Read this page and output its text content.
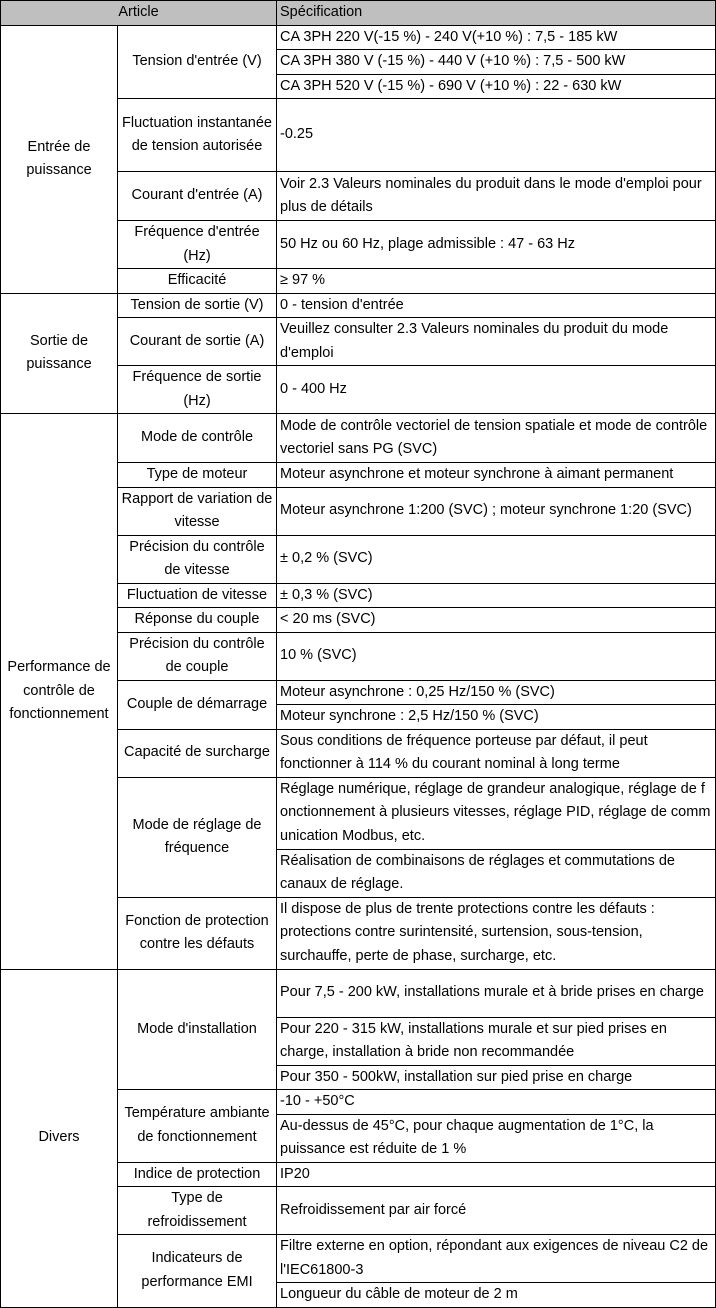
Article		Spécification
Entrée de puissance	Tension d'entrée (V)	CA 3PH 220 V(-15 %) - 240 V(+10 %) : 7,5 - 185 kW
		CA 3PH 380 V (-15 %) - 440 V (+10 %) : 7,5 - 500 kW
		CA 3PH 520 V (-15 %) - 690 V (+10 %) : 22 - 630 kW
	Fluctuation instantanée de tension autorisée	-0.25
	Courant d'entrée (A)	Voir 2.3 Valeurs nominales du produit dans le mode d'emploi pour plus de détails
	Fréquence d'entrée (Hz)	50 Hz ou 60 Hz, plage admissible : 47 - 63 Hz
	Efficacité	≥ 97 %
Sortie de puissance	Tension de sortie (V)	0 - tension d'entrée
	Courant de sortie (A)	Veuillez consulter 2.3 Valeurs nominales du produit du mode d'emploi
	Fréquence de sortie (Hz)	0 - 400 Hz
Performance de contrôle de fonctionnement	Mode de contrôle	Mode de contrôle vectoriel de tension spatiale et mode de contrôle vectoriel sans PG (SVC)
	Type de moteur	Moteur asynchrone et moteur synchrone à aimant permanent
	Rapport de variation de vitesse	Moteur asynchrone 1:200 (SVC) ; moteur synchrone 1:20 (SVC)
	Précision du contrôle de vitesse	± 0,2 % (SVC)
	Fluctuation de vitesse	± 0,3 % (SVC)
	Réponse du couple	< 20 ms (SVC)
	Précision du contrôle de couple	10 % (SVC)
	Couple de démarrage	Moteur asynchrone : 0,25 Hz/150 % (SVC)
		Moteur synchrone : 2,5 Hz/150 % (SVC)
	Capacité de surcharge	Sous conditions de fréquence porteuse par défaut, il peut fonctionner à 114 % du courant nominal à long terme
	Mode de réglage de fréquence	Réglage numérique, réglage de grandeur analogique, réglage de fonctionnement à plusieurs vitesses, réglage PID, réglage de communication Modbus, etc.
		Réalisation de combinaisons de réglages et commutations de canaux de réglage.
	Fonction de protection contre les défauts	Il dispose de plus de trente protections contre les défauts : protections contre surintensité, surtension, sous-tension, surchauffe, perte de phase, surcharge, etc.
Divers	Mode d'installation	Pour 7,5 - 200 kW, installations murale et à bride prises en charge
		Pour 220 - 315 kW, installations murale et sur pied prises en charge, installation à bride non recommandée
		Pour 350 - 500kW, installation sur pied prise en charge
	Température ambiante de fonctionnement	-10 - +50°C
		Au-dessus de 45°C, pour chaque augmentation de 1°C, la puissance est réduite de 1 %
	Indice de protection	IP20
	Type de refroidissement	Refroidissement par air forcé
	Indicateurs de performance EMI	Filtre externe en option, répondant aux exigences de niveau C2 de l'IEC61800-3
		Longueur du câble de moteur de 2 m
